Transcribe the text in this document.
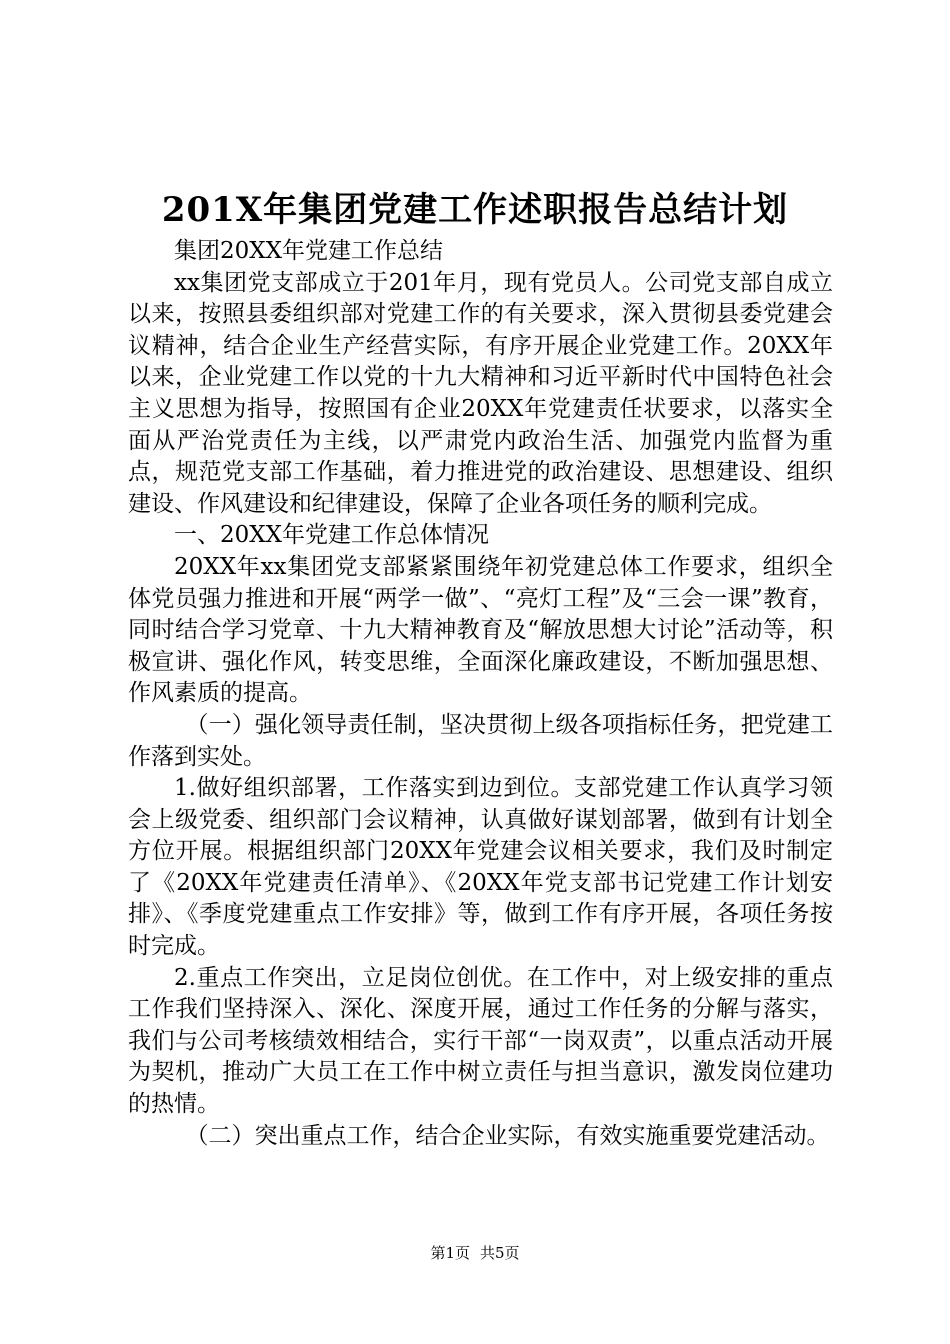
201X年集团党建工作述职报告总结计划

集团20XX年党建工作总结

xx集团党支部成立于201年月，现有党员人。公司党支部自成立以来，按照县委组织部对党建工作的有关要求，深入贯彻县委党建会议精神，结合企业生产经营实际，有序开展企业党建工作。20XX年以来，企业党建工作以党的十九大精神和习近平新时代中国特色社会主义思想为指导，按照国有企业20XX年党建责任状要求，以落实全面从严治党责任为主线，以严肃党内政治生活、加强党内监督为重点，规范党支部工作基础，着力推进党的政治建设、思想建设、组织建设、作风建设和纪律建设，保障了企业各项任务的顺利完成。

一、20XX年党建工作总体情况

20XX年xx集团党支部紧紧围绕年初党建总体工作要求，组织全体党员强力推进和开展“两学一做”、“亮灯工程”及“三会一课”教育，同时结合学习党章、十九大精神教育及“解放思想大讨论”活动等，积极宣讲、强化作风，转变思维，全面深化廉政建设，不断加强思想、作风素质的提高。

（一）强化领导责任制，坚决贯彻上级各项指标任务，把党建工作落到实处。

1.做好组织部署，工作落实到边到位。支部党建工作认真学习领会上级党委、组织部门会议精神，认真做好谋划部署，做到有计划全方位开展。根据组织部门20XX年党建会议相关要求，我们及时制定了《20XX年党建责任清单》、《20XX年党支部书记党建工作计划安排》、《季度党建重点工作安排》等，做到工作有序开展，各项任务按时完成。

2.重点工作突出，立足岗位创优。在工作中，对上级安排的重点工作我们坚持深入、深化、深度开展，通过工作任务的分解与落实，我们与公司考核绩效相结合，实行干部“一岗双责”，以重点活动开展为契机，推动广大员工在工作中树立责任与担当意识，激发岗位建功的热情。

（二）突出重点工作，结合企业实际，有效实施重要党建活动。

第1页 共5页
